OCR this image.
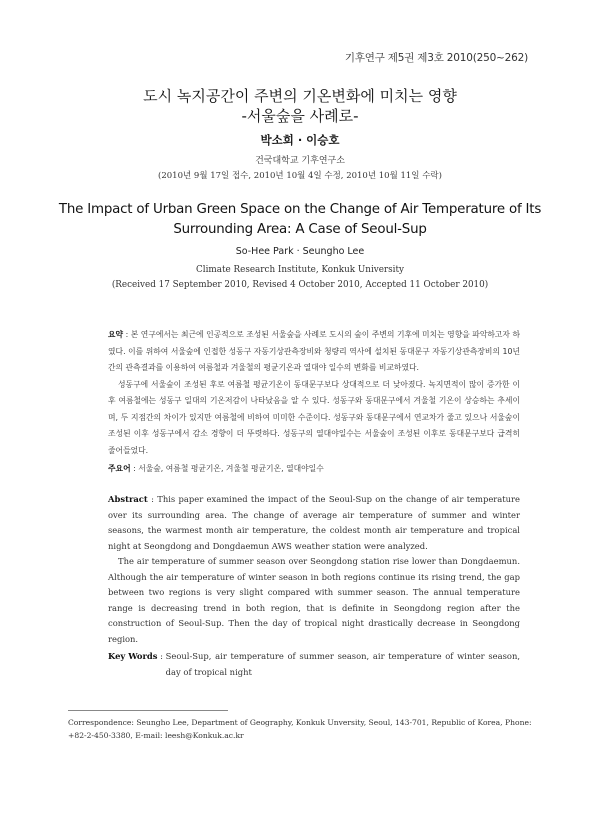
기후연구 제5권 제3호 2010(250~262)
도시 녹지공간이 주변의 기온변화에 미치는 영향
-서울숲을 사례로-
박소희 · 이승호
건국대학교 기후연구소
(2010년 9월 17일 접수, 2010년 10월 4일 수정, 2010년 10월 11일 수락)
The Impact of Urban Green Space on the Change of Air Temperature of Its
Surrounding Area: A Case of Seoul-Sup
So-Hee Park · Seungho Lee
Climate Research Institute, Konkuk University
(Received 17 September 2010, Revised 4 October 2010, Accepted 11 October 2010)

요약 : 본 연구에서는 최근에 인공적으로 조성된 서울숲을 사례로 도시의 숲이 주변의 기후에 미치는 영향을 파악하고자 하였다. 이를 위하여 서울숲에 인접한 성동구 자동기상관측장비와 청량리 역사에 설치된 동대문구 자동기상관측장비의 10년간의 관측결과를 이용하여 여름철과 겨울철의 평균기온과 열대야 일수의 변화를 비교하였다.

성동구에 서울숲이 조성된 후로 여름철 평균기온이 동대문구보다 상대적으로 더 낮아졌다. 녹지면적이 많이 증가한 이후 여름철에는 성동구 일대의 기온저감이 나타났음을 알 수 있다. 성동구와 동대문구에서 겨울철 기온이 상승하는 추세이며, 두 지점간의 차이가 있지만 여름철에 비하여 미미한 수준이다. 성동구와 동대문구에서 연교차가 줄고 있으나 서울숲이 조성된 이후 성동구에서 감소 경향이 더 뚜렷하다. 성동구의 열대야일수는 서울숲이 조성된 이후로 동대문구보다 급격히 줄어들었다.

주요어 : 서울숲, 여름철 평균기온, 겨울철 평균기온, 열대야일수

Abstract : This paper examined the impact of the Seoul-Sup on the change of air temperature over its surrounding area. The change of average air temperature of summer and winter seasons, the warmest month air temperature, the coldest month air temperature and tropical night at Seongdong and Dongdaemun AWS weather station were analyzed.

The air temperature of summer season over Seongdong station rise lower than Dongdaemun. Although the air temperature of winter season in both regions continue its rising trend, the gap between two regions is very slight compared with summer season. The annual temperature range is decreasing trend in both region, that is definite in Seongdong region after the construction of Seoul-Sup. Then the day of tropical night drastically decrease in Seongdong region.

Key Words : Seoul-Sup, air temperature of summer season, air temperature of winter season, day of tropical night
Correspondence: Seungho Lee, Department of Geography, Konkuk Unversity, Seoul, 143-701, Republic of Korea, Phone: +82-2-450-3380, E-mail: leesh@Konkuk.ac.kr
